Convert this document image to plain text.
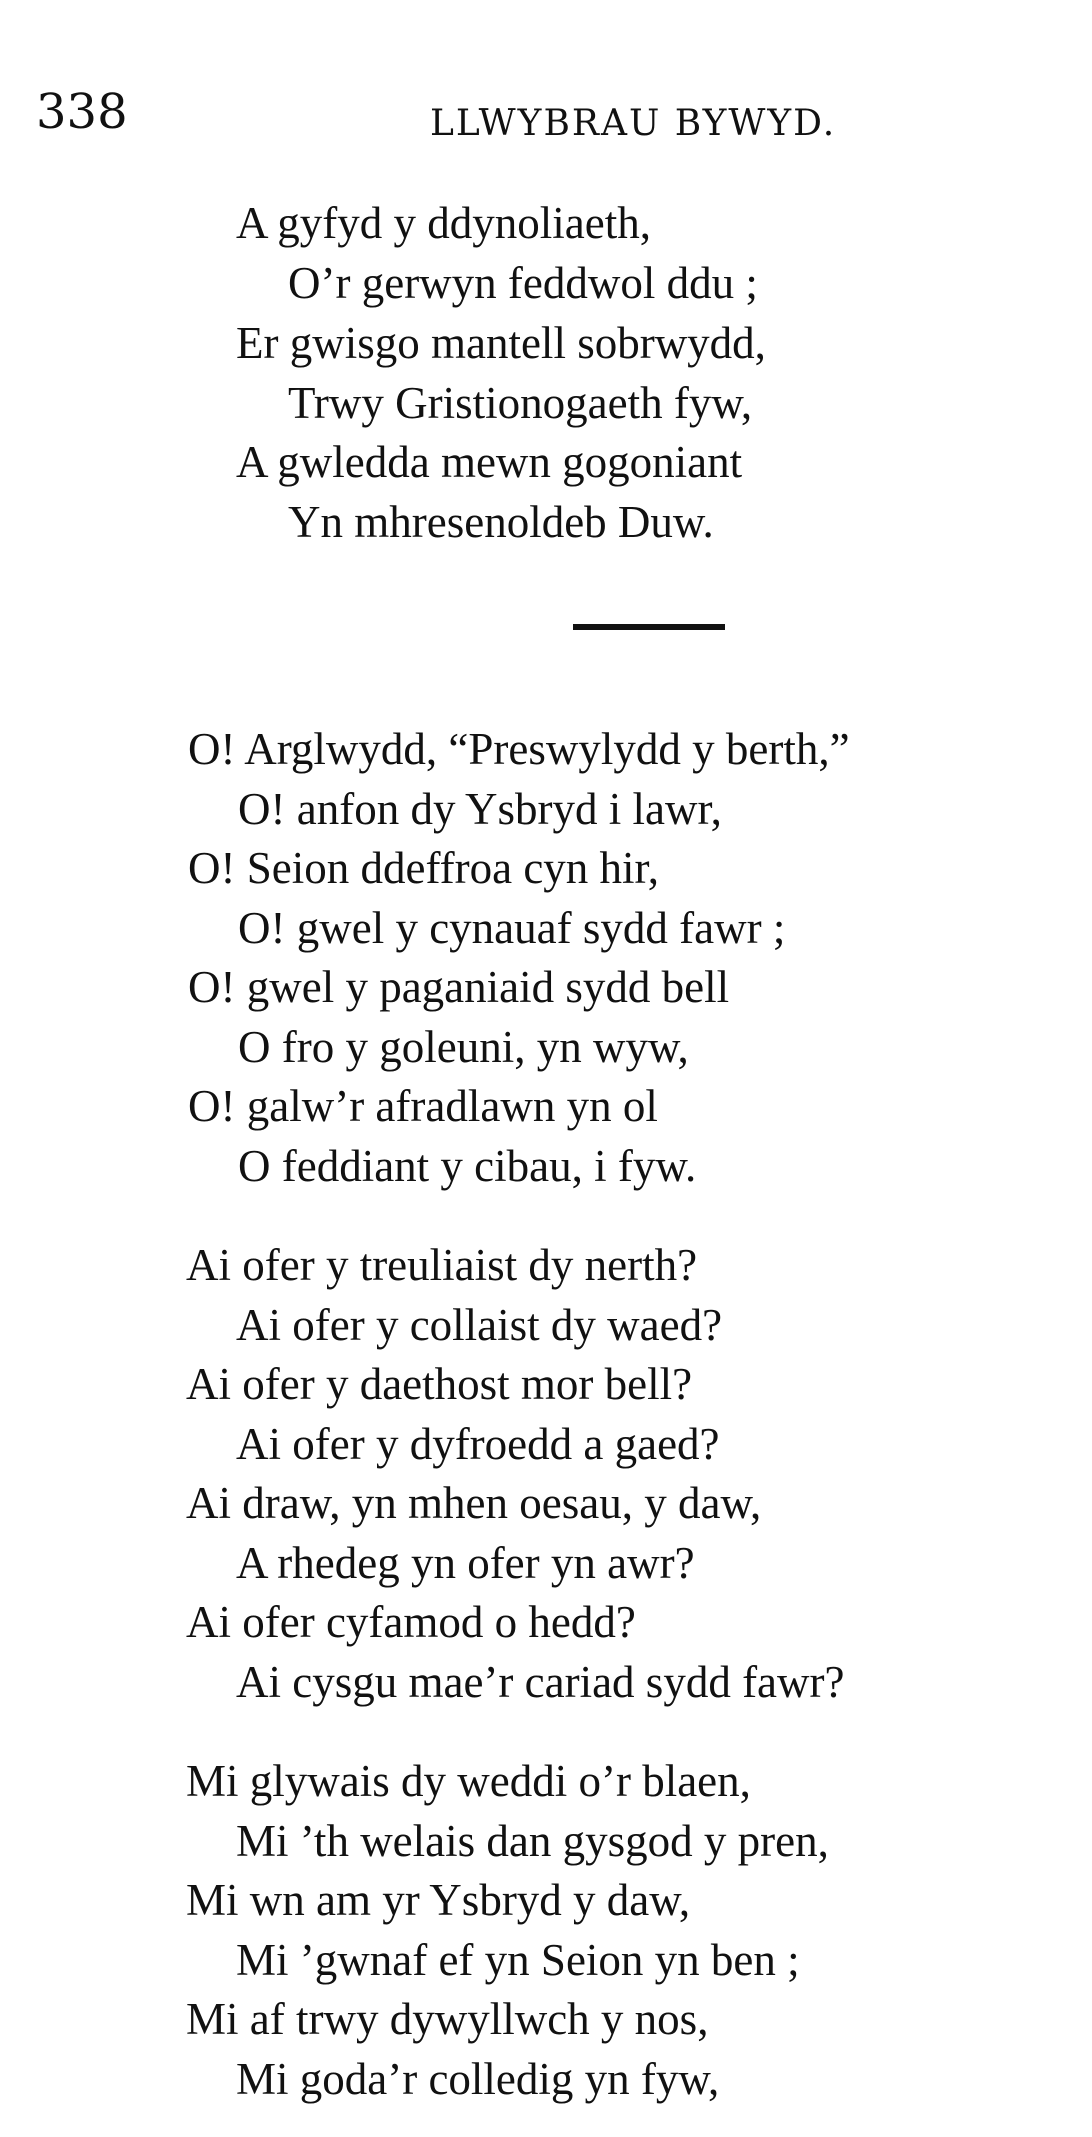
338	LLWYBRAU BYWYD.
A gyfyd y ddynoliaeth,
O’r gerwyn feddwol ddu ;
Er gwisgo mantell sobrwydd,
Trwy Gristionogaeth fyw,
A gwledda mewn gogoniant
Yn mhresenoldeb Duw.
O! Arglwydd, “Preswylydd y berth,”
O! anfon dy Ysbryd i lawr,
O! Seion ddeffroa cyn hir,
O! gwel y cynauaf sydd fawr ;
O! gwel y paganiaid sydd bell
O fro y goleuni, yn wyw,
O! galw’r afradlawn yn ol
O feddiant y cibau, i fyw.
Ai ofer y treuliaist dy nerth?
Ai ofer y collaist dy waed?
Ai ofer y daethost mor bell?
Ai ofer y dyfroedd a gaed?
Ai draw, yn mhen oesau, y daw,
A rhedeg yn ofer yn awr?
Ai ofer cyfamod o hedd?
Ai cysgu mae’r cariad sydd fawr?
Mi glywais dy weddi o’r blaen,
Mi ’th welais dan gysgod y pren,
Mi wn am yr Ysbryd y daw,
Mi ’gwnaf ef yn Seion yn ben ;
Mi af trwy dywyllwch y nos,
Mi goda’r colledig yn fyw,
